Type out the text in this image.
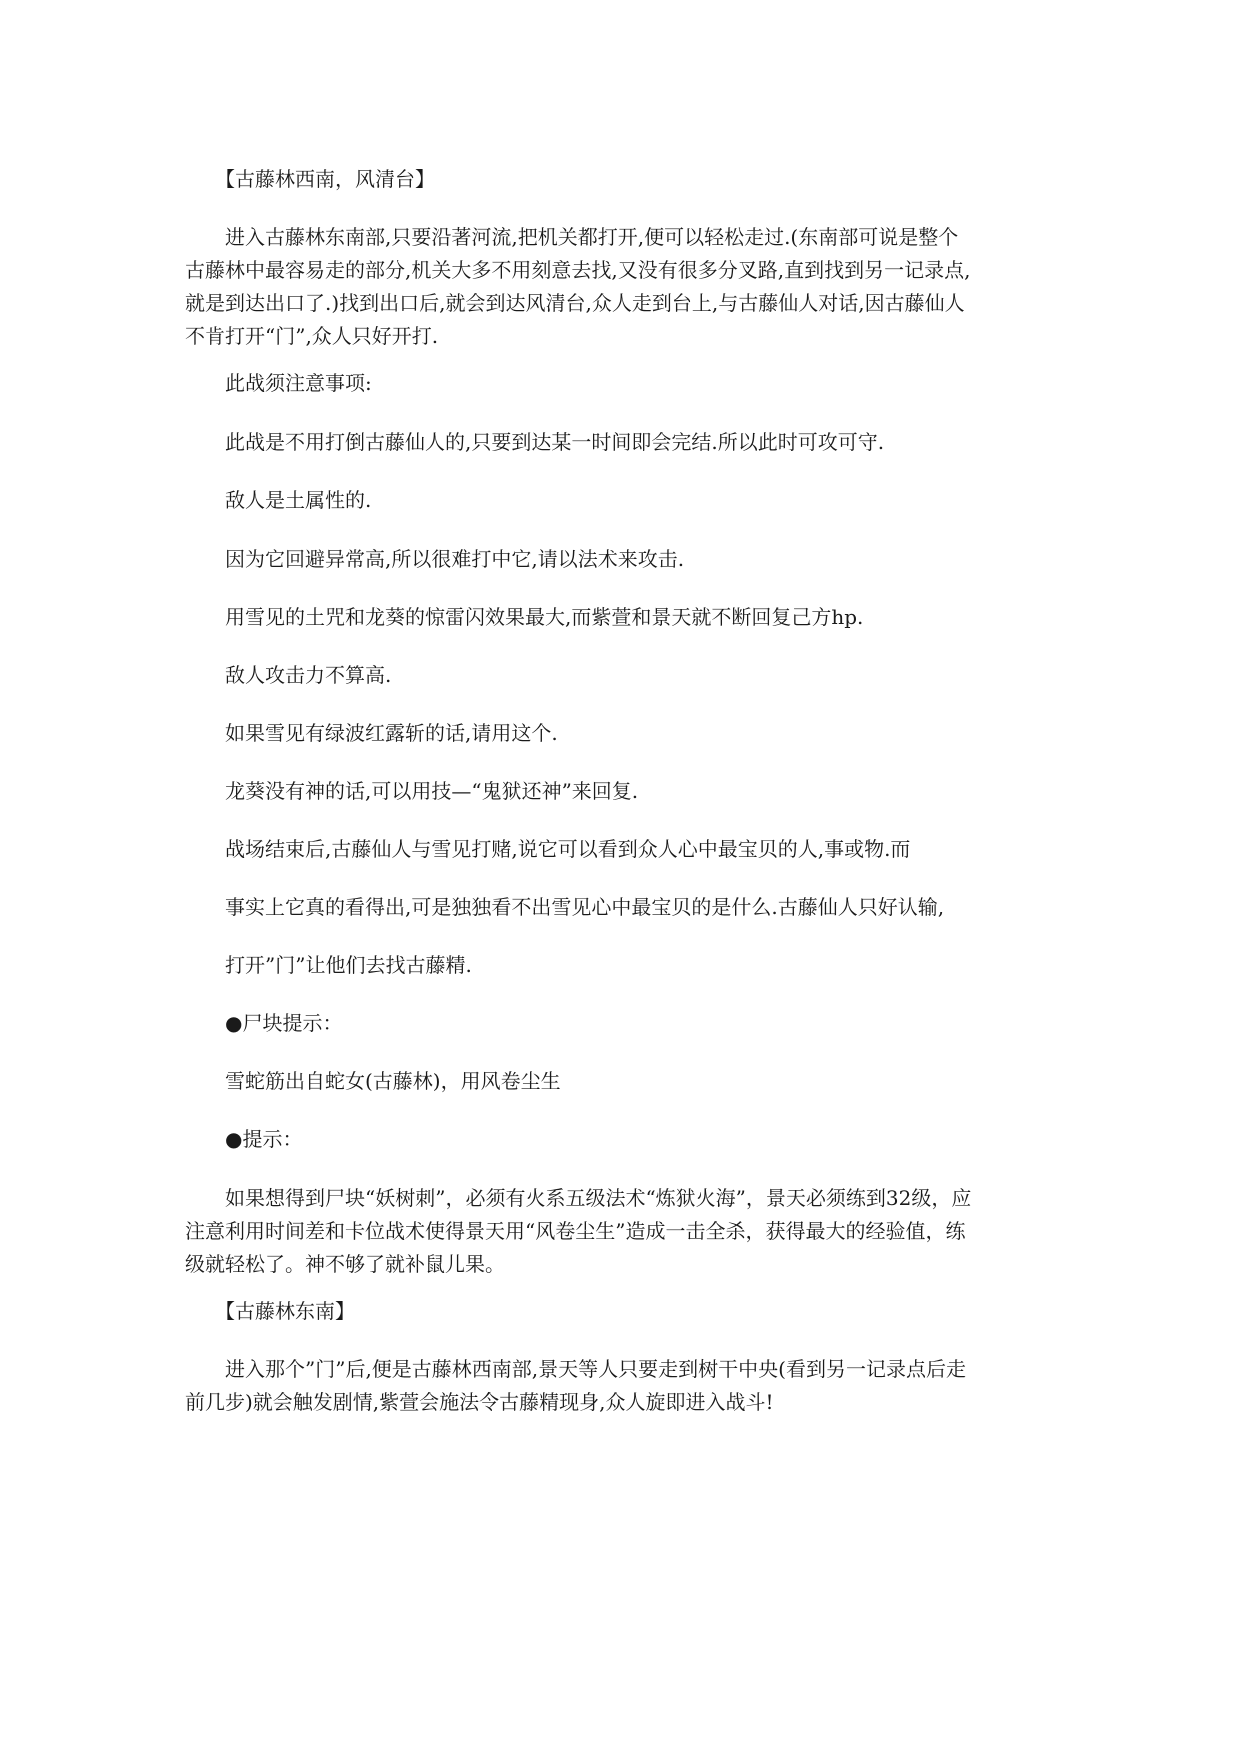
　　【古藤林西南，风清台】

　　进入古藤林东南部,只要沿著河流,把机关都打开,便可以轻松走过.(东南部可说是整个
古藤林中最容易走的部分,机关大多不用刻意去找,又没有很多分叉路,直到找到另一记录点,
就是到达出口了.)找到出口后,就会到达风清台,众人走到台上,与古藤仙人对话,因古藤仙人
不肯打开“门”,众人只好开打.

　　此战须注意事项:

　　此战是不用打倒古藤仙人的,只要到达某一时间即会完结.所以此时可攻可守.

　　敌人是土属性的.

　　因为它回避异常高,所以很难打中它,请以法术来攻击.

　　用雪见的土咒和龙葵的惊雷闪效果最大,而紫萱和景天就不断回复己方hp.

　　敌人攻击力不算高.

　　如果雪见有绿波红露斩的话,请用这个.

　　龙葵没有神的话,可以用技—“鬼狱还神”来回复.

　　战场结束后,古藤仙人与雪见打赌,说它可以看到众人心中最宝贝的人,事或物.而

　　事实上它真的看得出,可是独独看不出雪见心中最宝贝的是什么.古藤仙人只好认输,

　　打开”门”让他们去找古藤精.

　　●尸块提示：

　　雪蛇筋出自蛇女(古藤林)，用风卷尘生

　　●提示：

　　如果想得到尸块“妖树刺”，必须有火系五级法术“炼狱火海”，景天必须练到32级，应
注意利用时间差和卡位战术使得景天用“风卷尘生”造成一击全杀，获得最大的经验值，练
级就轻松了。神不够了就补鼠儿果。

　　【古藤林东南】

　　进入那个”门”后,便是古藤林西南部,景天等人只要走到树干中央(看到另一记录点后走
前几步)就会触发剧情,紫萱会施法令古藤精现身,众人旋即进入战斗!
